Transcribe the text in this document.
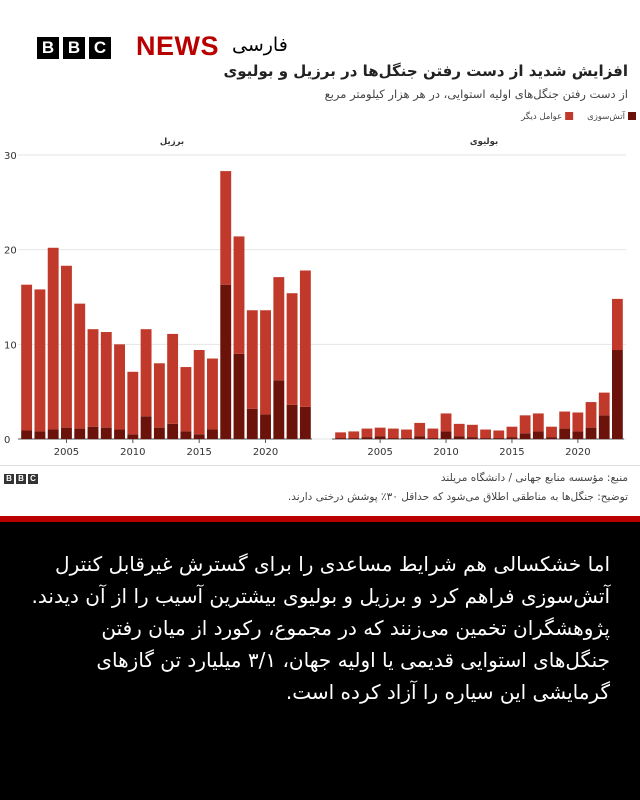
B B C NEWS فارسی
افزایش شدید از دست رفتن جنگل‌ها در برزیل و بولیوی
از دست رفتن جنگل‌های اولیه استوایی، در هر هزار کیلومتر مربع
آتش‌سوزی
عوامل دیگر
0
10
20
30
برزیل
2005	2010	2015	2020
بولیوی
2005	2010	2015	2020
B B C	منبع: مؤسسه منابع جهانی / دانشگاه مریلند
توضیح: جنگل‌ها به مناطقی اطلاق می‌شود که حداقل ۳۰٪ پوشش درختی دارند.
اما خشکسالی هم شرایط مساعدی را برای گسترش غیرقابل کنترل آتش‌سوزی فراهم کرد و برزیل و بولیوی بیشترین آسیب را از آن دیدند. پژوهشگران تخمین می‌زنند که در مجموع، رکورد از میان رفتن جنگل‌های استوایی قدیمی یا اولیه جهان، ۳/۱ میلیارد تن گازهای گرمایشی این سیاره را آزاد کرده است.
